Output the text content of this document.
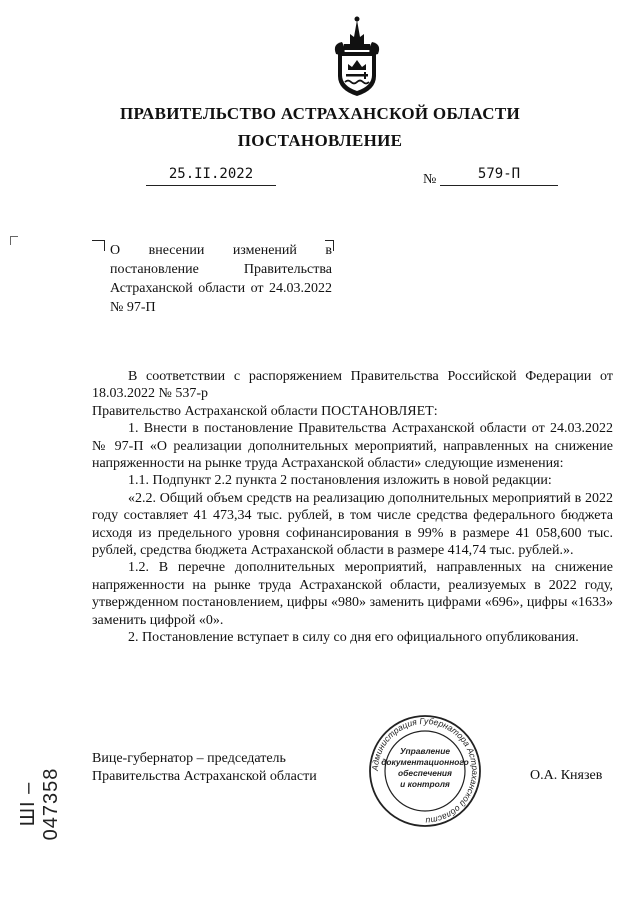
ПРАВИТЕЛЬСТВО АСТРАХАНСКОЙ ОБЛАСТИ
ПОСТАНОВЛЕНИЕ
25.II.2022	№	579-П
О внесении изменений в постановление Правительства Астраханской области от 24.03.2022 № 97-П

В соответствии с распоряжением Правительства Российской Федерации от 18.03.2022 № 537-р

Правительство Астраханской области ПОСТАНОВЛЯЕТ:

1. Внести в постановление Правительства Астраханской области от 24.03.2022 № 97-П «О реализации дополнительных мероприятий, направленных на снижение напряженности на рынке труда Астраханской области» следующие изменения:

1.1. Подпункт 2.2 пункта 2 постановления изложить в новой редакции:

«2.2. Общий объем средств на реализацию дополнительных мероприятий в 2022 году составляет 41 473,34 тыс. рублей, в том числе средства федерального бюджета исходя из предельного уровня софинансирования в 99% в размере 41 058,600 тыс. рублей, средства бюджета Астраханской области в размере 414,74 тыс. рублей.».

1.2. В перечне дополнительных мероприятий, направленных на снижение напряженности на рынке труда Астраханской области, реализуемых в 2022 году, утвержденном постановлением, цифры «980» заменить цифрами «696», цифры «1633» заменить цифрой «0».

2. Постановление вступает в силу со дня его официального опубликования.

Вице-губернатор – председатель
Правительства Астраханской области	О.А. Князев
Администрация Губернатора Астраханской области
Управление
документационного
обеспечения
и контроля
ШI – 047358
